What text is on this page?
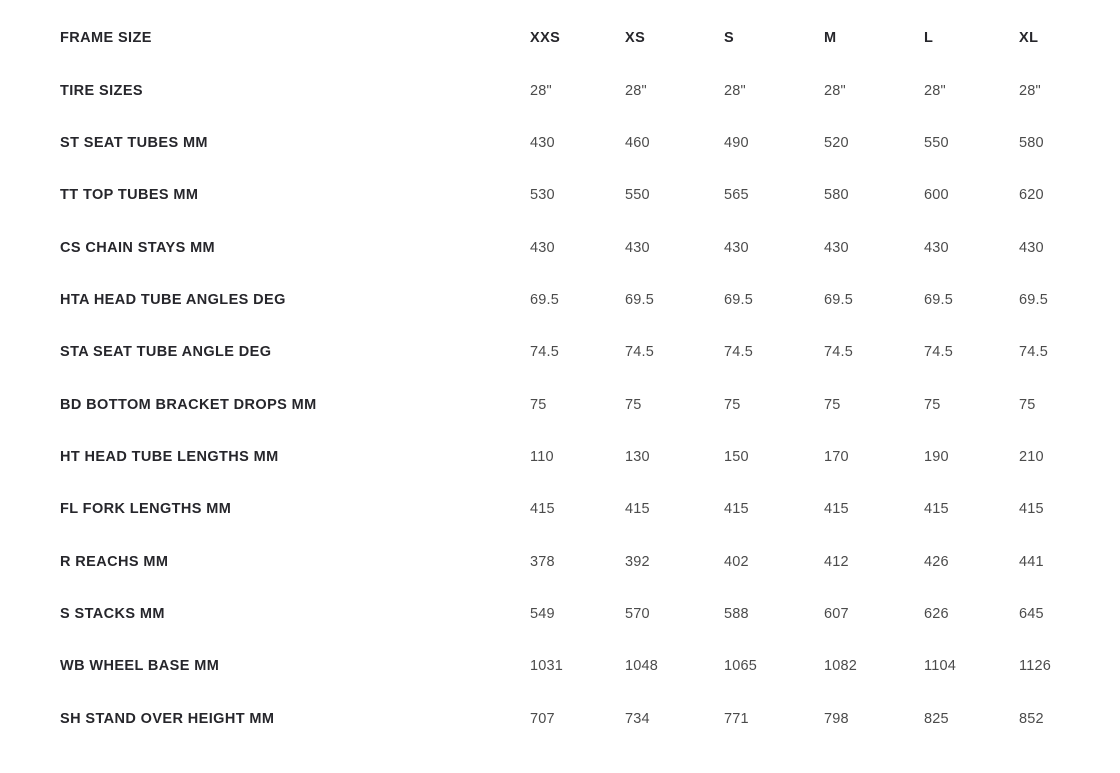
FRAME SIZE	XXS	XS	S	M	L	XL
TIRE SIZES	28"	28"	28"	28"	28"	28"
ST SEAT TUBES MM	430	460	490	520	550	580
TT TOP TUBES MM	530	550	565	580	600	620
CS CHAIN STAYS MM	430	430	430	430	430	430
HTA HEAD TUBE ANGLES DEG	69.5	69.5	69.5	69.5	69.5	69.5
STA SEAT TUBE ANGLE DEG	74.5	74.5	74.5	74.5	74.5	74.5
BD BOTTOM BRACKET DROPS MM	75	75	75	75	75	75
HT HEAD TUBE LENGTHS MM	110	130	150	170	190	210
FL FORK LENGTHS MM	415	415	415	415	415	415
R REACHS MM	378	392	402	412	426	441
S STACKS MM	549	570	588	607	626	645
WB WHEEL BASE MM	1031	1048	1065	1082	1104	1126
SH STAND OVER HEIGHT MM	707	734	771	798	825	852
